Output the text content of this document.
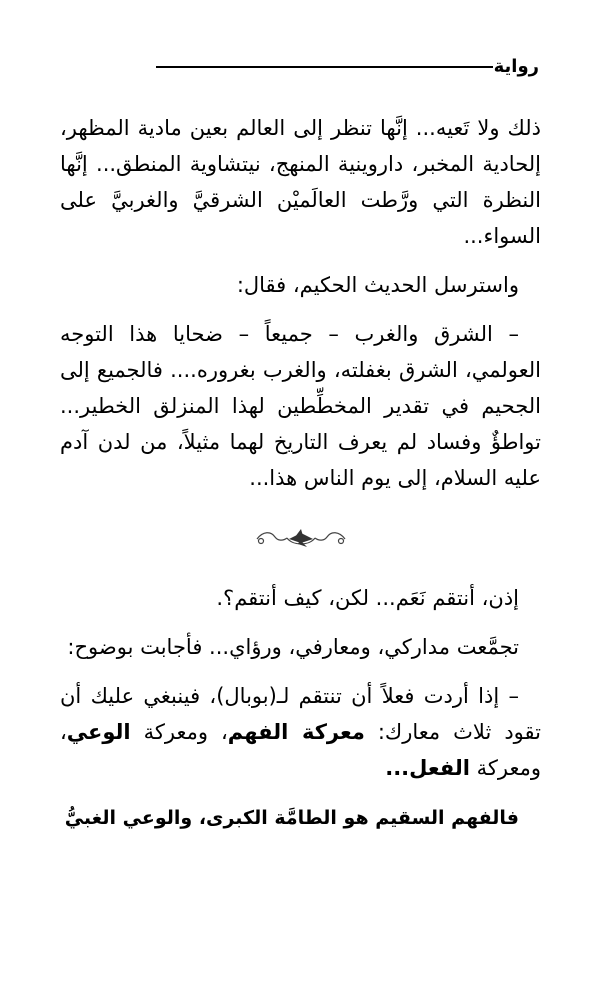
رواية

ذلك ولا تَعيه... إنَّها تنظر إلى العالم بعين مادية المظهر، إلحادية المخبر، داروينية المنهج، نيتشاوية المنطق... إنَّها النظرة التي ورَّطت العالَميْن الشرقيَّ والغربيَّ على السواء...

واسترسل الحديث الحكيم، فقال:

– الشرق والغرب – جميعاً – ضحايا هذا التوجه العولمي، الشرق بغفلته، والغرب بغروره.... فالجميع إلى الجحيم في تقدير المخطِّطين لهذا المنزلق الخطير... تواطؤٌ وفساد لم يعرف التاريخ لهما مثيلاً، من لدن آدم عليه السلام، إلى يوم الناس هذا...

إذن، أنتقم نَعَم... لكن، كيف أنتقم؟.

تجمَّعت مداركي، ومعارفي، ورؤاي... فأجابت بوضوح:

– إذا أردت فعلاً أن تنتقم لـ(بوبال)، فينبغي عليك أن تقود ثلاث معارك: معركة الفهم، ومعركة الوعي، ومعركة الفعل...

فالفهم السقيم هو الطامَّة الكبرى، والوعي الغبيُّ
